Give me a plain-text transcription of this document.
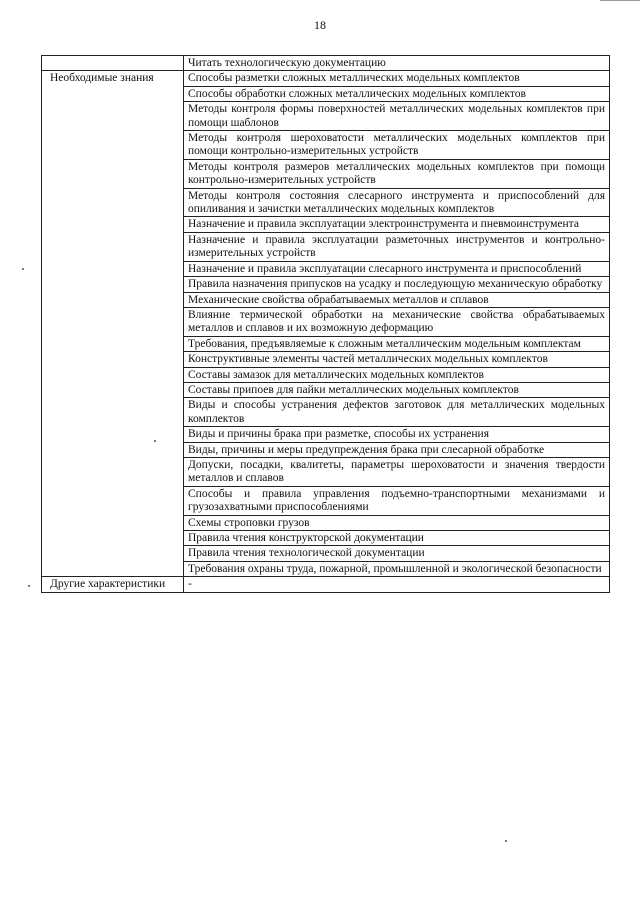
18
	Читать технологическую документацию
Необходимые знания	Способы разметки сложных металлических модельных комплектов
	Способы обработки сложных металлических модельных комплектов
	Методы контроля формы поверхностей металлических модельных комплектов при помощи шаблонов
	Методы контроля шероховатости металлических модельных комплектов при помощи контрольно-измерительных устройств
	Методы контроля размеров металлических модельных комплектов при помощи контрольно-измерительных устройств
	Методы контроля состояния слесарного инструмента и приспособлений для опиливания и зачистки металлических модельных комплектов
	Назначение и правила эксплуатации электроинструмента и пневмоинструмента
	Назначение и правила эксплуатации разметочных инструментов и контрольно-измерительных устройств
	Назначение и правила эксплуатации слесарного инструмента и приспособлений
	Правила назначения припусков на усадку и последующую механическую обработку
	Механические свойства обрабатываемых металлов и сплавов
	Влияние термической обработки на механические свойства обрабатываемых металлов и сплавов и их возможную деформацию
	Требования, предъявляемые к сложным металлическим модельным комплектам
	Конструктивные элементы частей металлических модельных комплектов
	Составы замазок для металлических модельных комплектов
	Составы припоев для пайки металлических модельных комплектов
	Виды и способы устранения дефектов заготовок для металлических модельных комплектов
	Виды и причины брака при разметке, способы их устранения
	Виды, причины и меры предупреждения брака при слесарной обработке
	Допуски, посадки, квалитеты, параметры шероховатости и значения твердости металлов и сплавов
	Способы и правила управления подъемно-транспортными механизмами и грузозахватными приспособлениями
	Схемы строповки грузов
	Правила чтения конструкторской документации
	Правила чтения технологической документации
	Требования охраны труда, пожарной, промышленной и экологической безопасности
Другие характеристики	-
